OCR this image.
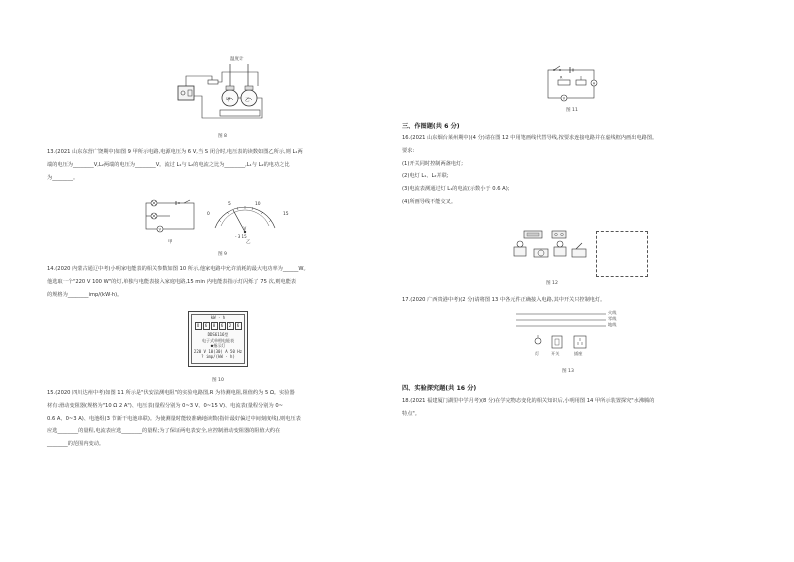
温度计
甲	乙
图 8
13.(2021 山东东营广饶期中)如图 9 甲所示电路,电源电压为 6 V,当 S 闭合时,电压表的读数如图乙所示,则 L₁两
端的电压为________V,L₂两端的电压为________V。流过 L₁与 L₂的电流之比为________,L₁与 L₂的电功之比
为________。
V	V
- 3 15
0
5	10
15
甲	乙
图 9
14.(2020 内蒙古通辽中考)小明家电能表的相关参数如图 10 所示,他家电路中允许消耗的最大电功率为______W。
他选取一个"220 V 100 W"的灯,单独与电能表接入家庭电路,15 min 内电能表指示灯闪烁了 75 次,则电能表
的规格为________imp/(kW·h)。
kW · h
0	6	8	6	2	6
DDS6116型
电子式单相电能表
●指示灯
220 V 10(30) A 50 Hz
? imp/(kW · h)
图 10
15.(2020 四川达州中考)如图 11 所示是"伏安法测电阻"的实验电路图,R 为待测电阻,阻值约为 5 Ω。实验器
材有:滑动变阻器(规格为"10 Ω 2 A")、电压表(量程分别为 0~3 V、0~15 V)、电流表(量程分别为 0~
0.6 A、0~3 A)、电池组(3 节新干电池串联)。为使测量时能较准确地读数(指针最好偏过中间刻度线),则电压表
应选________的量程,电流表应选________的量程;为了保证两电表安全,应控制滑动变阻器的阻值大约在
________的范围内变动。
R
A
V
图 11
三、作图题(共 6 分)
16.(2021 山东烟台莱州期中)(4 分)请在图 12 中用笔画线代替导线,按要求连接电路并在虚线框内画出电路图。
要求:
(1)开关同时控制两盏电灯;
(2)电灯 L₁、L₂并联;
(3)电流表测通过灯 L₁的电流(示数小于 0.6 A);
(4)所画导线不能交叉。
图 12
17.(2020 广西贵港中考)(2 分)请将图 13 中各元件正确接入电路,其中开关只控制电灯。
火线
零线
地线
灯	开关	插座
图 13
四、实验探究题(共 16 分)
18.(2021 福建厦门湖里中学月考)(8 分)在学完物态变化的相关知识后,小明用图 14 甲所示装置探究"水沸腾的
特点"。
